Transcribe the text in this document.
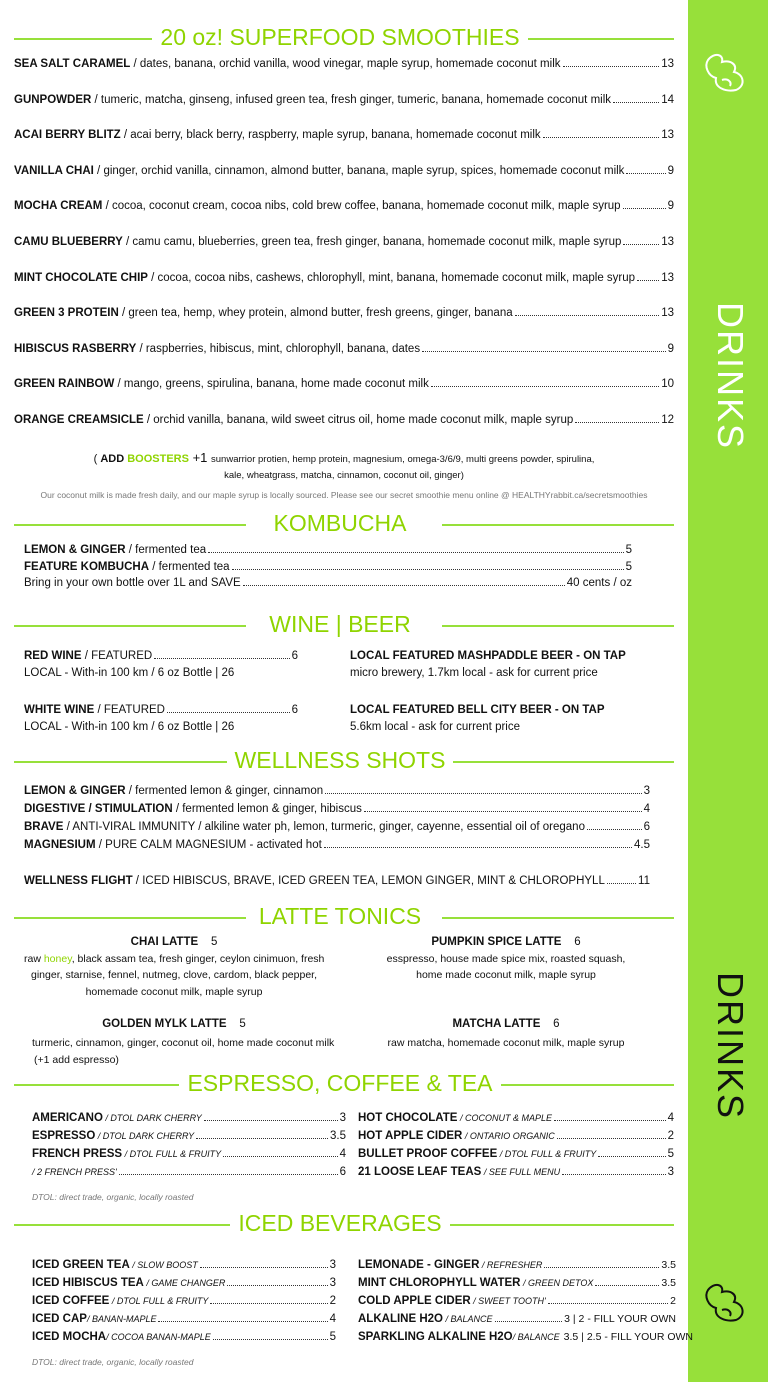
DRINKS
DRINKS
20 oz! SUPERFOOD SMOOTHIES
SEA SALT CARAMEL / dates, banana, orchid vanilla, wood vinegar, maple syrup, homemade coconut milk	13
GUNPOWDER / tumeric, matcha, ginseng, infused green tea, fresh ginger, tumeric, banana, homemade coconut milk	14
ACAI BERRY BLITZ / acai berry, black berry, raspberry, maple syrup, banana, homemade coconut milk	13
VANILLA CHAI / ginger, orchid vanilla, cinnamon, almond butter, banana, maple syrup, spices, homemade coconut milk	9
MOCHA CREAM / cocoa, coconut cream, cocoa nibs, cold brew coffee, banana, homemade coconut milk, maple syrup	9
CAMU BLUEBERRY / camu camu, blueberries, green tea, fresh ginger, banana, homemade coconut milk, maple syrup	13
MINT CHOCOLATE CHIP / cocoa, cocoa nibs, cashews, chlorophyll, mint, banana, homemade coconut milk, maple syrup 13
GREEN 3 PROTEIN / green tea, hemp, whey protein, almond butter, fresh greens, ginger, banana	13
HIBISCUS RASBERRY / raspberries, hibiscus, mint, chlorophyll, banana, dates	9
GREEN RAINBOW / mango, greens, spirulina, banana, home made coconut milk	10
ORANGE CREAMSICLE / orchid vanilla, banana, wild sweet citrus oil, home made coconut milk, maple syrup	12
( ADD BOOSTERS +1 sunwarrior protien, hemp protein, magnesium, omega-3/6/9, multi greens powder, spirulina,
kale, wheatgrass, matcha, cinnamon, coconut oil, ginger)
Our coconut milk is made fresh daily, and our maple syrup is locally sourced. Please see our secret smoothie menu online @ HEALTHYrabbit.ca/secretsmoothies
KOMBUCHA
LEMON & GINGER / fermented tea	5
FEATURE KOMBUCHA / fermented tea	5
Bring in your own bottle over 1L and SAVE	40 cents / oz
WINE | BEER
RED WINE / FEATURED	6
LOCAL - With-in 100 km / 6 oz Bottle | 26
WHITE WINE / FEATURED	6
LOCAL - With-in 100 km / 6 oz Bottle | 26
LOCAL FEATURED MASHPADDLE BEER - ON TAP
micro brewery, 1.7km local - ask for current price
LOCAL FEATURED BELL CITY BEER - ON TAP
5.6km local - ask for current price
WELLNESS SHOTS
LEMON & GINGER / fermented lemon & ginger, cinnamon	3
DIGESTIVE / STIMULATION / fermented lemon & ginger, hibiscus	4
BRAVE / ANTI-VIRAL IMMUNITY / alkiline water ph, lemon, turmeric, ginger, cayenne, essential oil of oregano	6
MAGNESIUM / PURE CALM MAGNESIUM - activated hot	4.5
WELLNESS FLIGHT / ICED HIBISCUS, BRAVE, ICED GREEN TEA, LEMON GINGER, MINT & CHLOROPHYLL	11
LATTE TONICS
CHAI LATTE 5
raw honey, black assam tea, fresh ginger, ceylon cinimuon, fresh
ginger, starnise, fennel, nutmeg, clove, cardom, black pepper,
homemade coconut milk, maple syrup
PUMPKIN SPICE LATTE 6
esspresso, house made spice mix, roasted squash,
home made coconut milk, maple syrup
GOLDEN MYLK LATTE 5
turmeric, cinnamon, ginger, coconut oil, home made coconut milk
(+1 add espresso)
MATCHA LATTE 6
raw matcha, homemade coconut milk, maple syrup
ESPRESSO, COFFEE & TEA
AMERICANO / DTOL DARK CHERRY	3
ESPRESSO / DTOL DARK CHERRY	3.5
FRENCH PRESS / DTOL FULL & FRUITY	4
/ 2 FRENCH PRESS'	6
HOT CHOCOLATE / COCONUT & MAPLE	4
HOT APPLE CIDER / ONTARIO ORGANIC	2
BULLET PROOF COFFEE / DTOL FULL & FRUITY	5
21 LOOSE LEAF TEAS / SEE FULL MENU	3
DTOL: direct trade, organic, locally roasted
ICED BEVERAGES
ICED GREEN TEA / SLOW BOOST	3
ICED HIBISCUS TEA / GAME CHANGER	3
ICED COFFEE / DTOL FULL & FRUITY	2
ICED CAP/ BANAN-MAPLE	4
ICED MOCHA/ COCOA BANAN-MAPLE	5
LEMONADE - GINGER / REFRESHER	3.5
MINT CHLOROPHYLL WATER / GREEN DETOX	3.5
COLD APPLE CIDER / SWEET TOOTH'	2
ALKALINE H2O / BALANCE	3 | 2 - FILL YOUR OWN
SPARKLING ALKALINE H2O/ BALANCE 3.5 | 2.5 - FILL YOUR OWN
DTOL: direct trade, organic, locally roasted
